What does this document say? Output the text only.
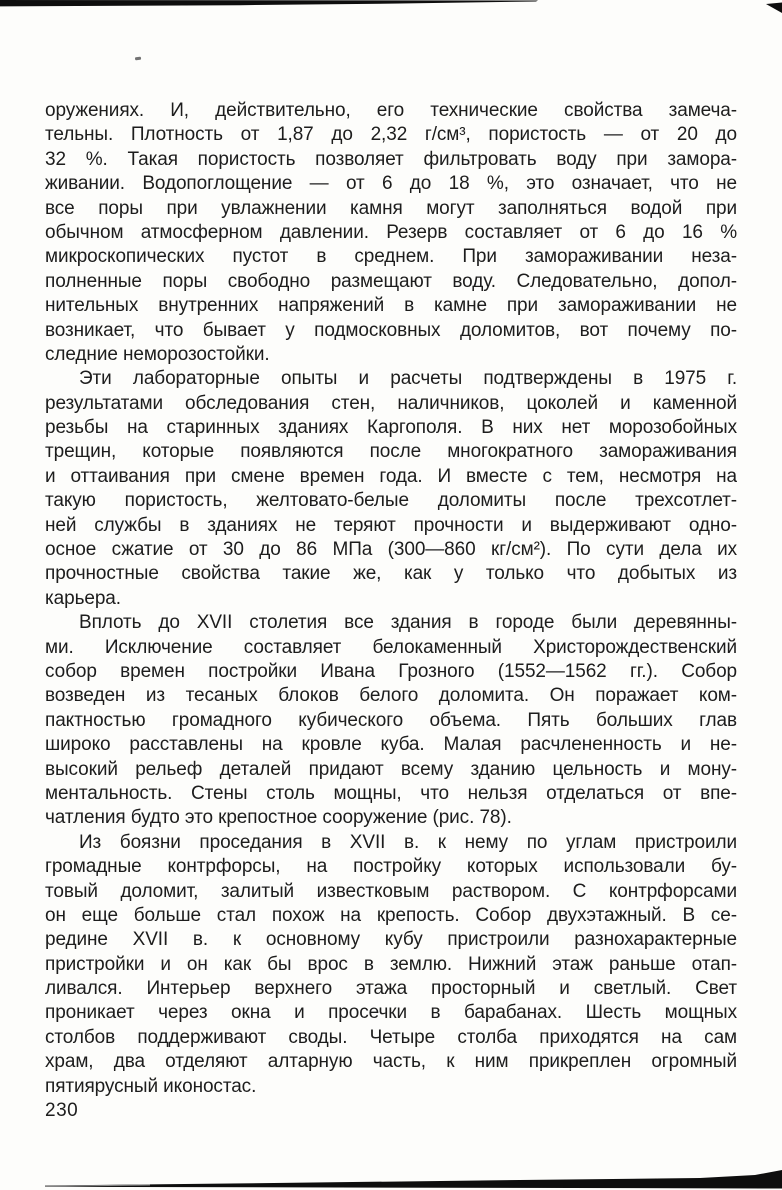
оружениях. И, действительно, его технические свойства замеча-
тельны. Плотность от 1,87 до 2,32 г/см³, пористость — от 20 до
32 %. Такая пористость позволяет фильтровать воду при замора-
живании. Водопоглощение — от 6 до 18 %, это означает, что не
все поры при увлажнении камня могут заполняться водой при
обычном атмосферном давлении. Резерв составляет от 6 до 16 %
микроскопических пустот в среднем. При замораживании неза-
полненные поры свободно размещают воду. Следовательно, допол-
нительных внутренних напряжений в камне при замораживании не
возникает, что бывает у подмосковных доломитов, вот почему по-
следние неморозостойки.
Эти лабораторные опыты и расчеты подтверждены в 1975 г.
результатами обследования стен, наличников, цоколей и каменной
резьбы на старинных зданиях Каргополя. В них нет морозобойных
трещин, которые появляются после многократного замораживания
и оттаивания при смене времен года. И вместе с тем, несмотря на
такую пористость, желтовато-белые доломиты после трехсотлет-
ней службы в зданиях не теряют прочности и выдерживают одно-
осное сжатие от 30 до 86 МПа (300—860 кг/см²). По сути дела их
прочностные свойства такие же, как у только что добытых из
карьера.
Вплоть до XVII столетия все здания в городе были деревянны-
ми. Исключение составляет белокаменный Христорождественский
собор времен постройки Ивана Грозного (1552—1562 гг.). Собор
возведен из тесаных блоков белого доломита. Он поражает ком-
пактностью громадного кубического объема. Пять больших глав
широко расставлены на кровле куба. Малая расчлененность и не-
высокий рельеф деталей придают всему зданию цельность и мону-
ментальность. Стены столь мощны, что нельзя отделаться от впе-
чатления будто это крепостное сооружение (рис. 78).
Из боязни проседания в XVII в. к нему по углам пристроили
громадные контрфорсы, на постройку которых использовали бу-
товый доломит, залитый известковым раствором. С контрфорсами
он еще больше стал похож на крепость. Собор двухэтажный. В се-
редине XVII в. к основному кубу пристроили разнохарактерные
пристройки и он как бы врос в землю. Нижний этаж раньше отап-
ливался. Интерьер верхнего этажа просторный и светлый. Свет
проникает через окна и просечки в барабанах. Шесть мощных
столбов поддерживают своды. Четыре столба приходятся на сам
храм, два отделяют алтарную часть, к ним прикреплен огромный
пятиярусный иконостас.
230
